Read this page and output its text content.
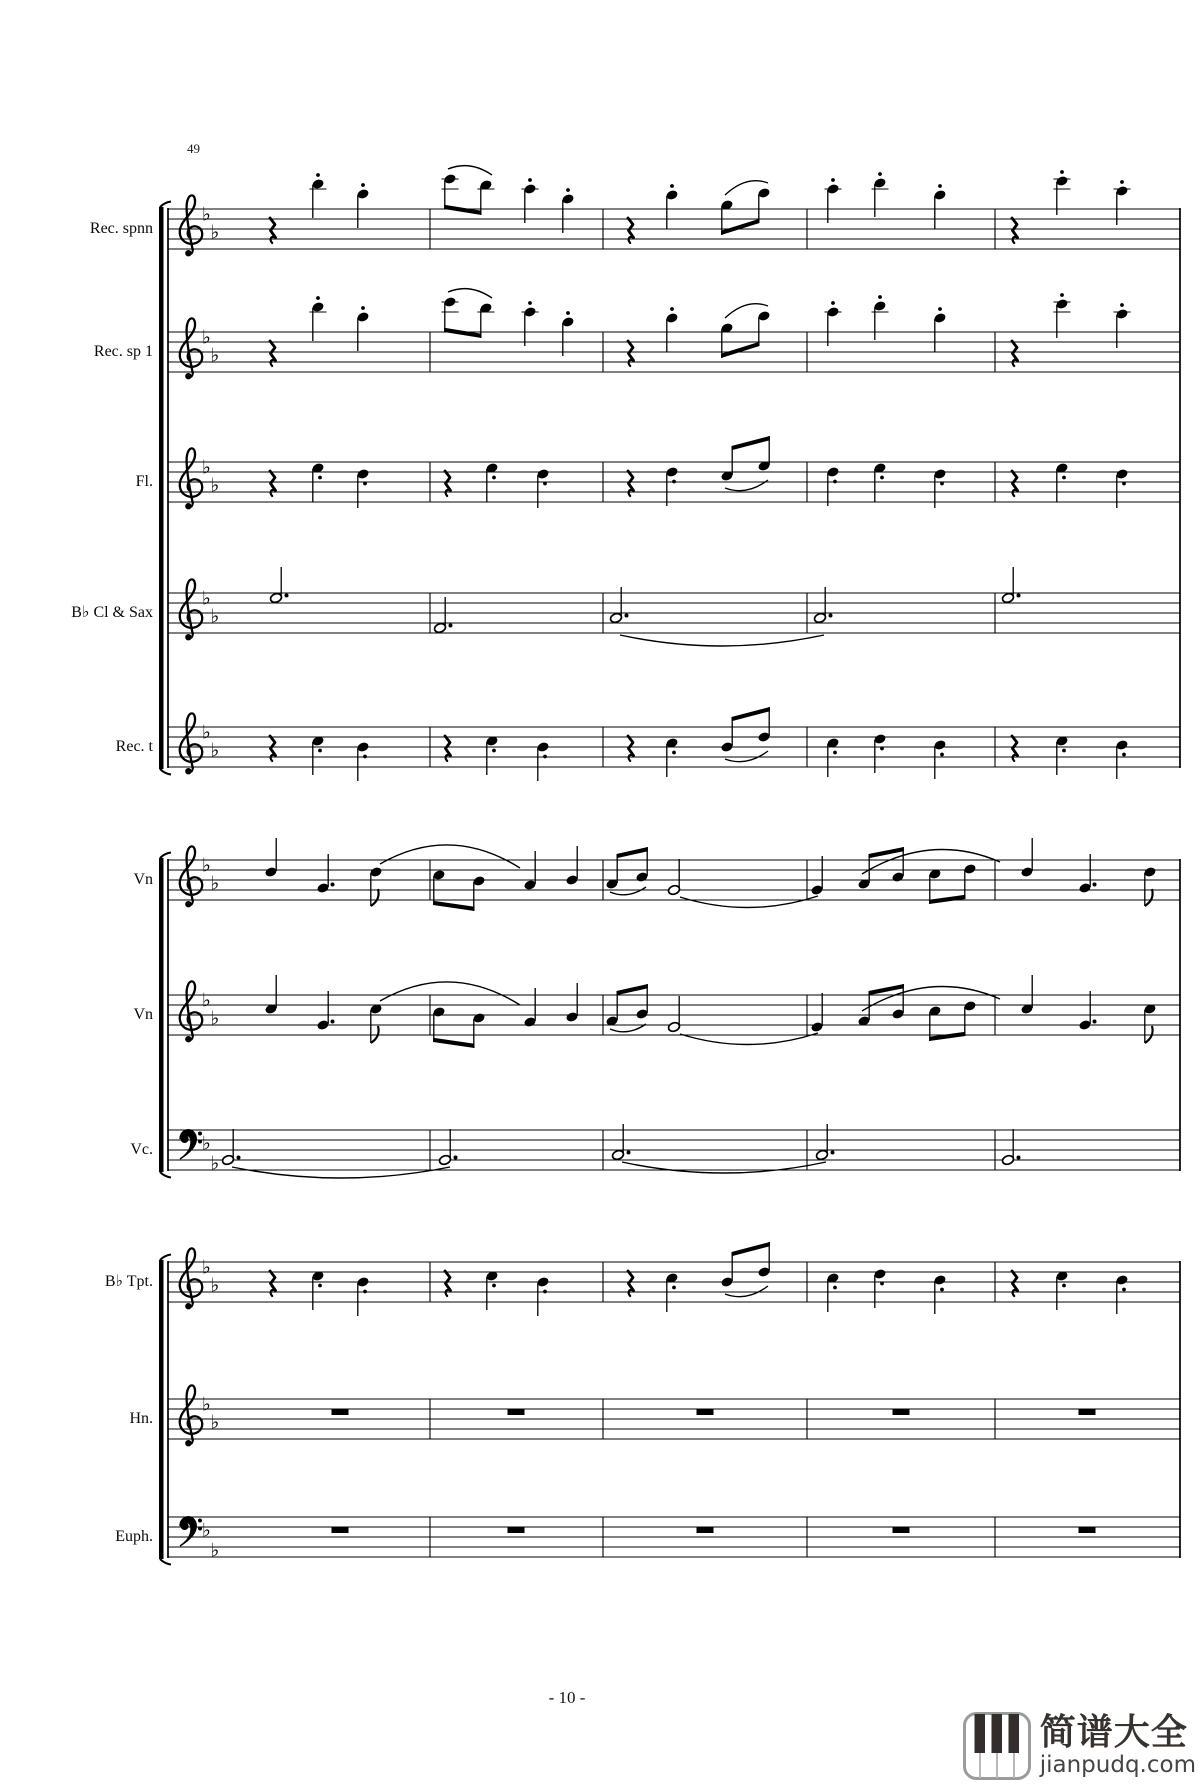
49
Rec. spnn
Rec. sp 1
Fl.
B♭ Cl & Sax
Rec. t
Vn
Vn
Vc.
B♭ Tpt.
Hn.
Euph.
♭
♭
♭
♭
♭
♭
♭
♭
♭
♭
♭
♭
♭
♭
♭
♭
♭
♭
♭
♭
♭
♭
- 10 -
简谱大全
jianpudq.com
